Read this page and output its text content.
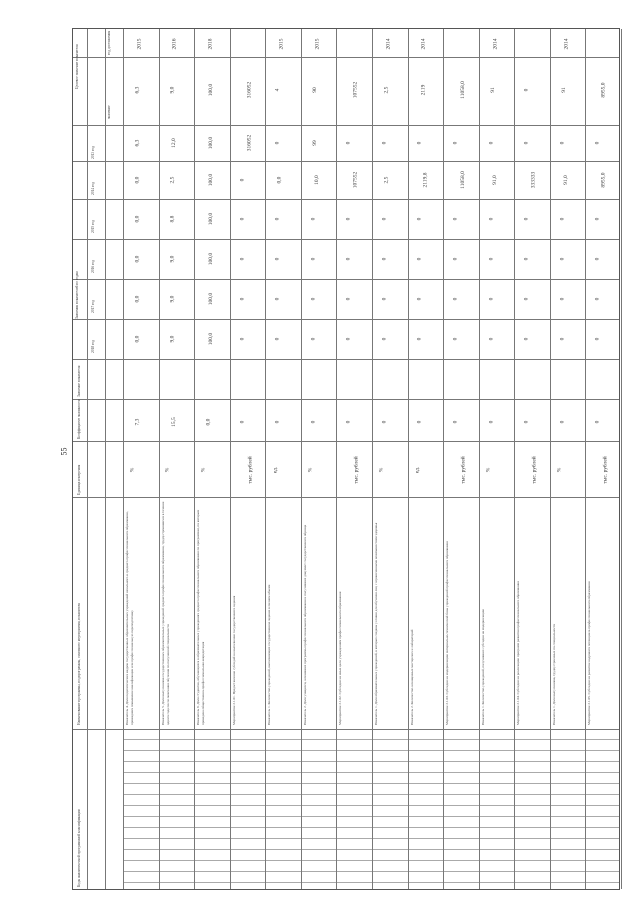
55
Целевое значение показателя
значение
год достижения
Значения показателей по годам
2013 год
2014 год
2015 год
2016 год
2017 год
2018 год
Значение показателя
Коэффициент значимости
Единица измерения
Наименование программы, подпрограммы, основного мероприятия, показателя
Коды аналитической программной классификации
Показатель 4. Доля педагогических кадров государственных образовательных учреждений начального и среднего профессионального образования, прошедших повышение квалификации или профессиональную переподготовку
%
7,3
6,3
0,0
0,0
0,0
0,0
0,0
6,3
2015
Показатель 5. Доля выпускников государственных образовательных учреждений среднего профессионального образования, трудоустроившихся в течение одного года после окончания обучения по полученной специальности
%
15,5
12,0
2,5
8,8
9,0
9,0
9,0
9,0
2016
Показатель 6. Доля студентов, обучающихся в образовательных учреждениях среднего профессионального образования по программам, по которым проведена общественно-профессиональная аккредитация
%
0,0
100,0
100,0
100,0
100,0
100,0
100,0
100,0
2018
Мероприятие 2.1.01. Предоставление субсидий на выполнение государственного задания
тыс. рублей
0
316052
0
0
0
0
0
316052
Показатель 1. Количество учреждений, выполняющих государственное задание в полном объеме
ед.
0
0
0,0
0
0
0
0
4
2015
Показатель 2. Доля учащихся, освоивших программы профессионального образования и получивших документ государственного образца
%
0
99
10,0
0
0
0
0
90
2015
Мероприятие 2.1.02. Субсидии на иные цели учреждениям профессионального образования
тыс. рублей
0
0
107552
0
0
0
0
107552
Показатель 1. Доля образовательных учреждений, в которых созданы условия для обучения лиц с ограниченными возможностями здоровья
%
0
0
2,5
0
0
0
0
2,5
2014
Показатель 2. Количество оснащенных мастерских и лабораторий
ед.
0
0
2119,8
0
0
0
0
2119
2014
Мероприятие 2.1.03. Субсидии на модернизацию материально-технической базы учреждений профессионального образования
тыс. рублей
0
0
11058,0
0
0
0
0
11058,0
Показатель 1. Количество учреждений, получивших субсидии на модернизацию
%
0
0
91,0
0
0
0
0
91
2014
Мероприятие 2.1.04. Субсидии на реализацию программ развития профессионального образования
тыс. рублей
0
0
333333
0
0
0
0
0
Показатель 1. Доля выпускников, трудоустроенных по специальности
%
0
0
91,0
0
0
0
0
91
2014
Мероприятие 2.1.05. Субсидии на развитие кадрового потенциала профессионального образования
тыс. рублей
0
0
8955,0
0
0
0
0
8955,0
